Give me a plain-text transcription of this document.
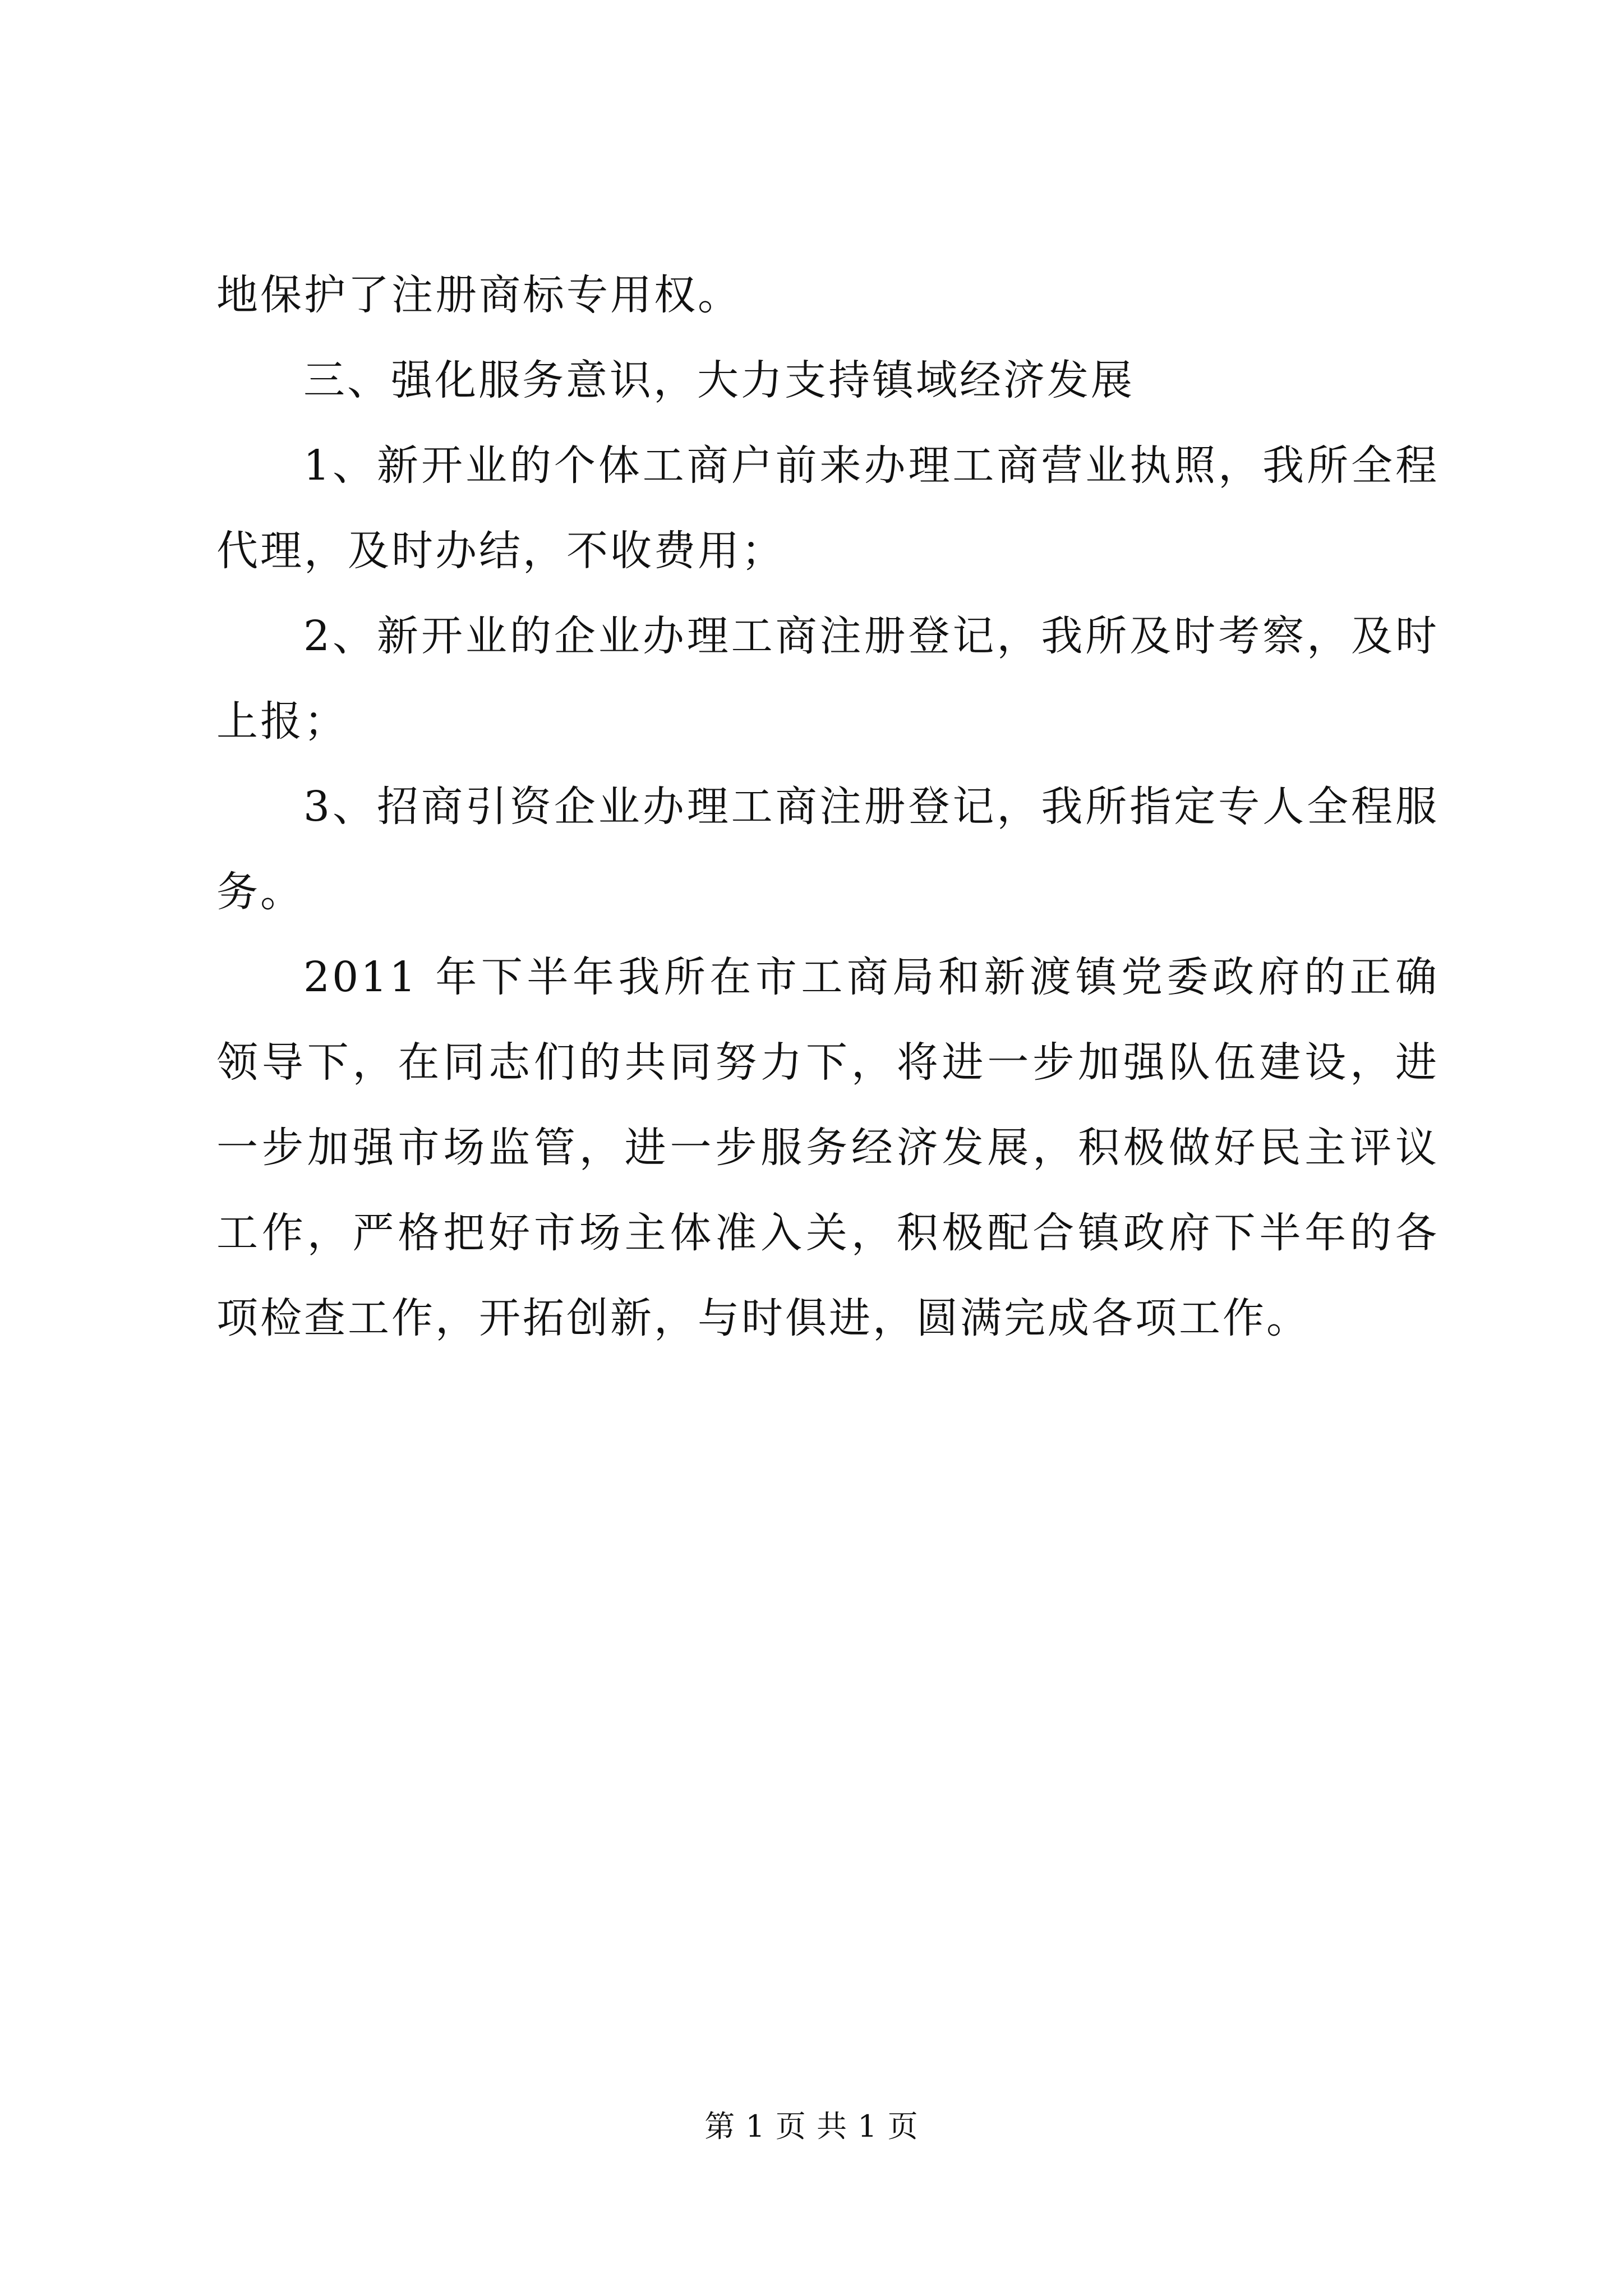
地保护了注册商标专用权。

三、强化服务意识，大力支持镇域经济发展

1、新开业的个体工商户前来办理工商营业执照，我所全程代理，及时办结，不收费用；

2、新开业的企业办理工商注册登记，我所及时考察，及时上报；

3、招商引资企业办理工商注册登记，我所指定专人全程服务。

2011 年下半年我所在市工商局和新渡镇党委政府的正确领导下，在同志们的共同努力下，将进一步加强队伍建设，进一步加强市场监管，进一步服务经济发展，积极做好民主评议工作，严格把好市场主体准入关，积极配合镇政府下半年的各项检查工作，开拓创新，与时俱进，圆满完成各项工作。

第 1 页 共 1 页
